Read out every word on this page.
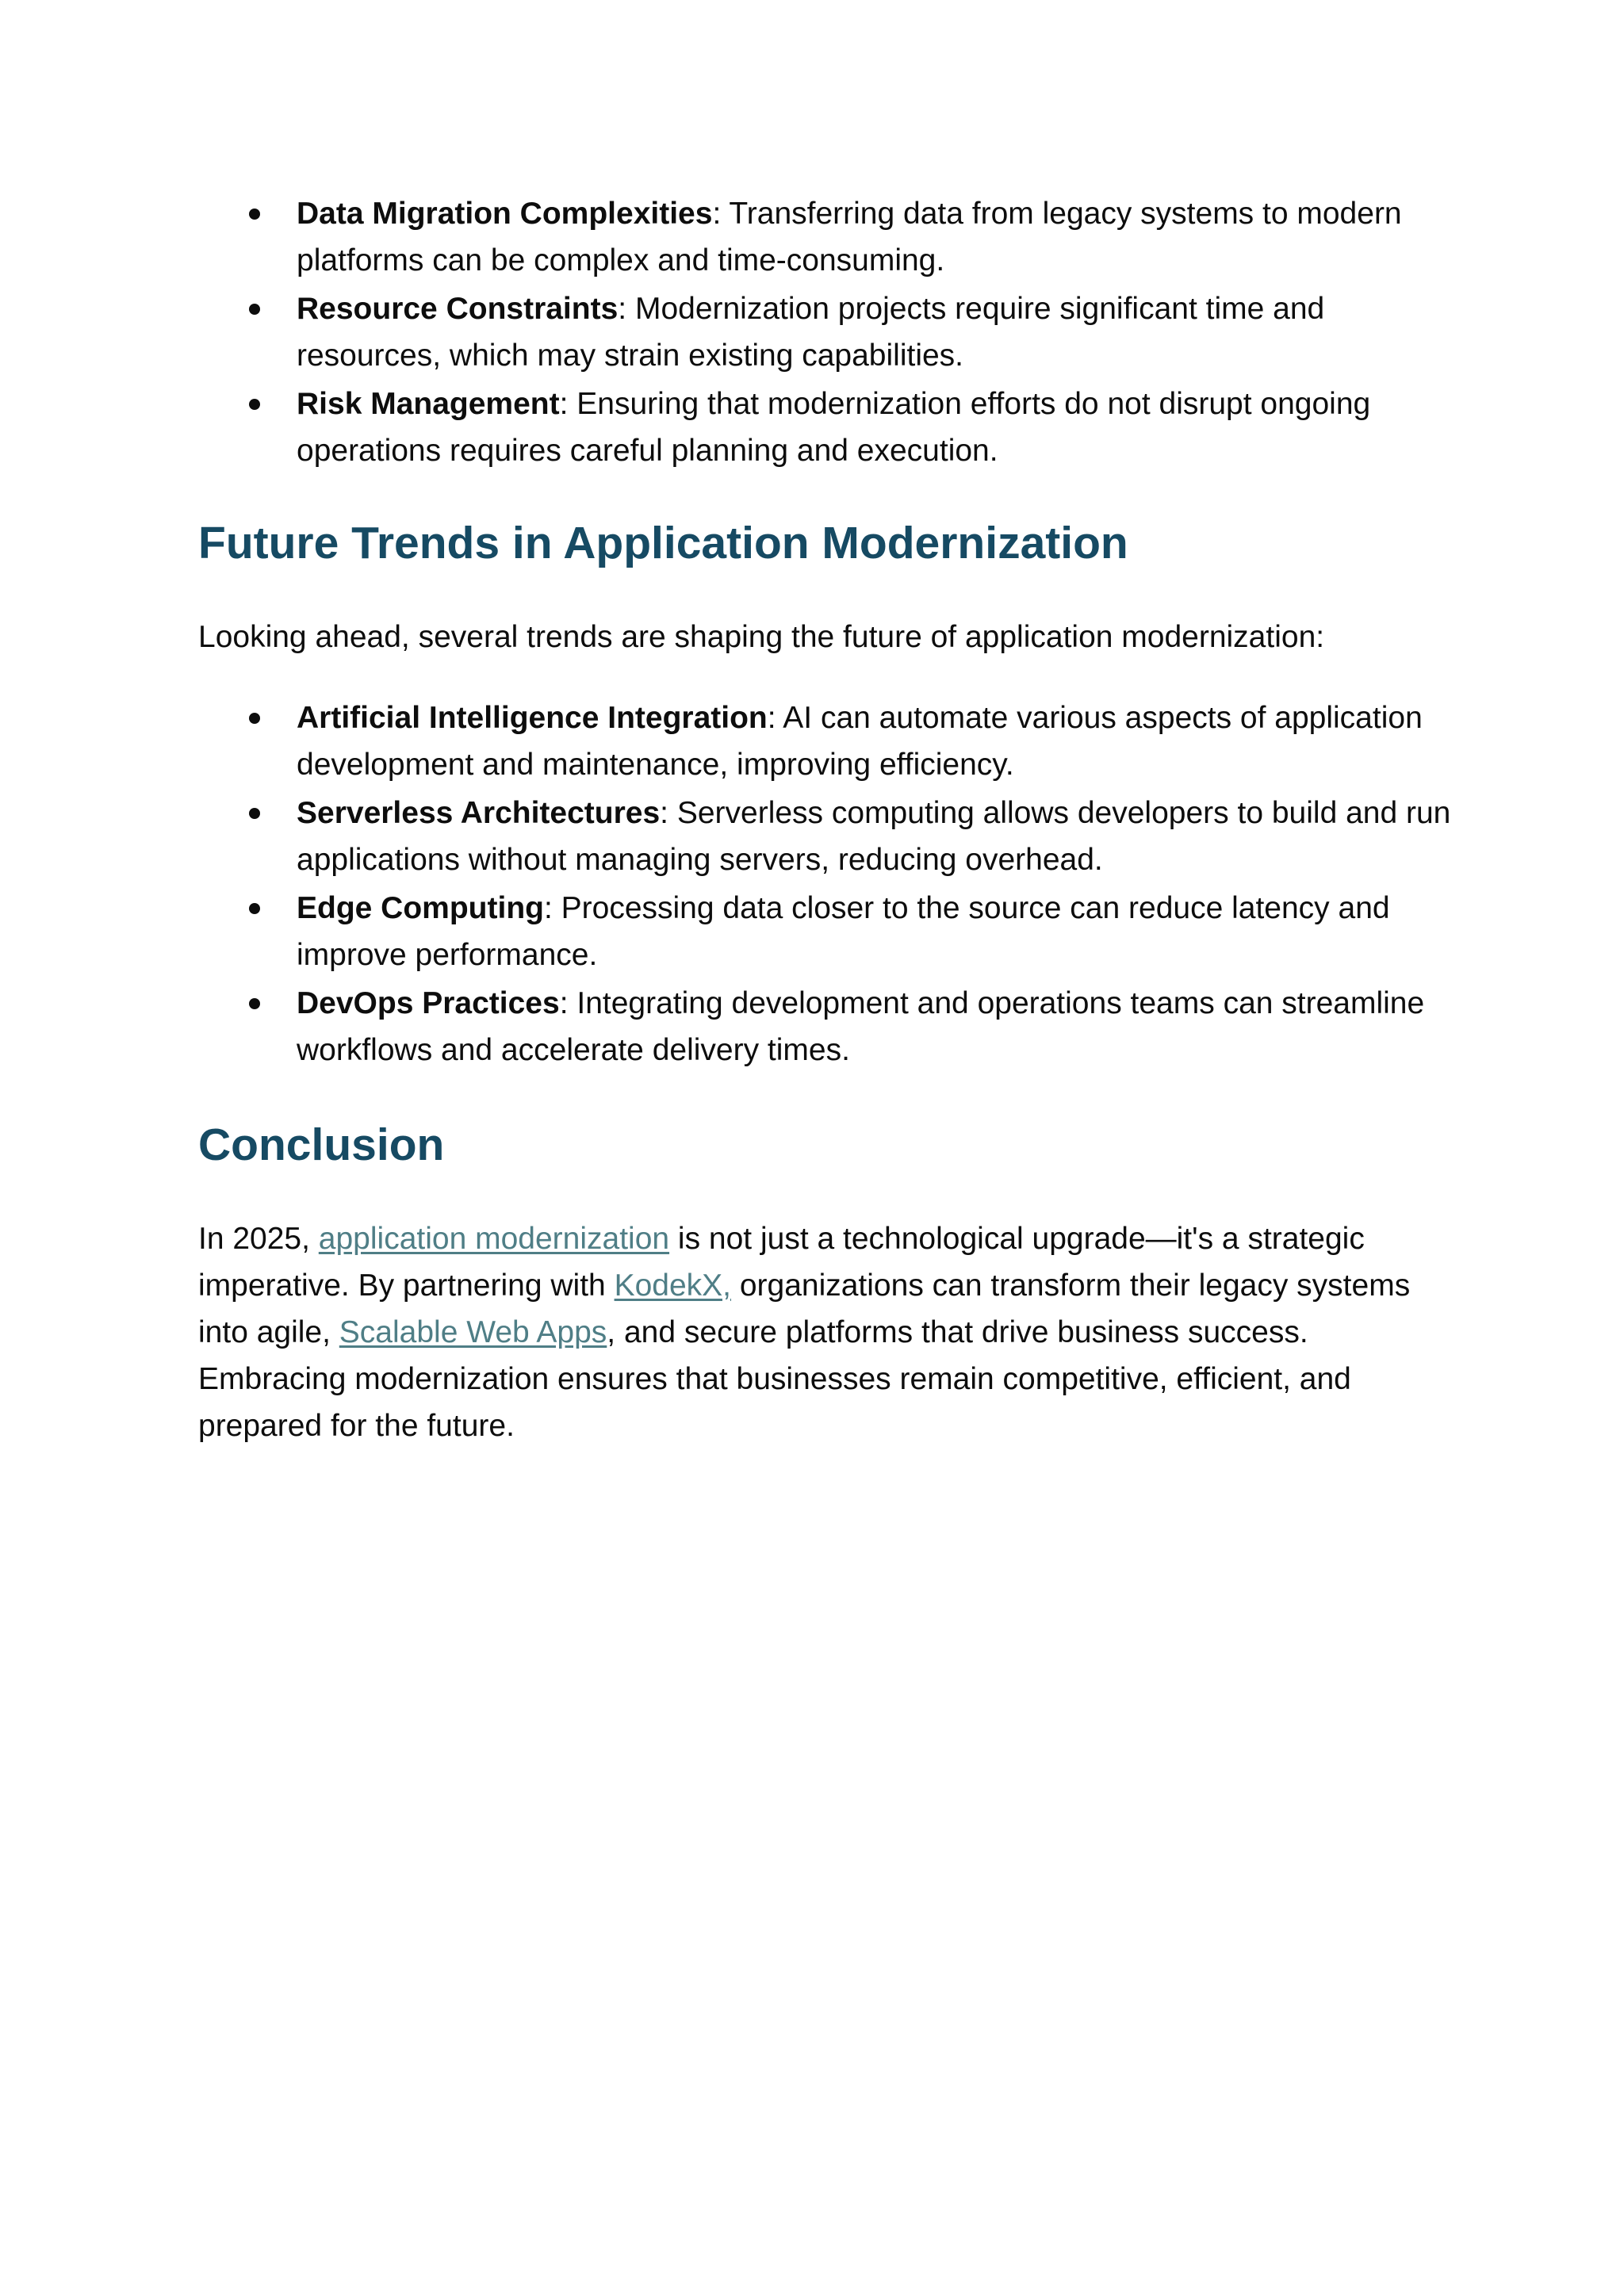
Data Migration Complexities: Transferring data from legacy systems to modern platforms can be complex and time-consuming.
Resource Constraints: Modernization projects require significant time and resources, which may strain existing capabilities.
Risk Management: Ensuring that modernization efforts do not disrupt ongoing operations requires careful planning and execution.
Future Trends in Application Modernization

Looking ahead, several trends are shaping the future of application modernization:

Artificial Intelligence Integration: AI can automate various aspects of application development and maintenance, improving efficiency.
Serverless Architectures: Serverless computing allows developers to build and run applications without managing servers, reducing overhead.
Edge Computing: Processing data closer to the source can reduce latency and improve performance.
DevOps Practices: Integrating development and operations teams can streamline workflows and accelerate delivery times.
Conclusion

In 2025, application modernization is not just a technological upgrade—it's a strategic imperative. By partnering with KodekX, organizations can transform their legacy systems into agile, Scalable Web Apps, and secure platforms that drive business success. Embracing modernization ensures that businesses remain competitive, efficient, and prepared for the future.
